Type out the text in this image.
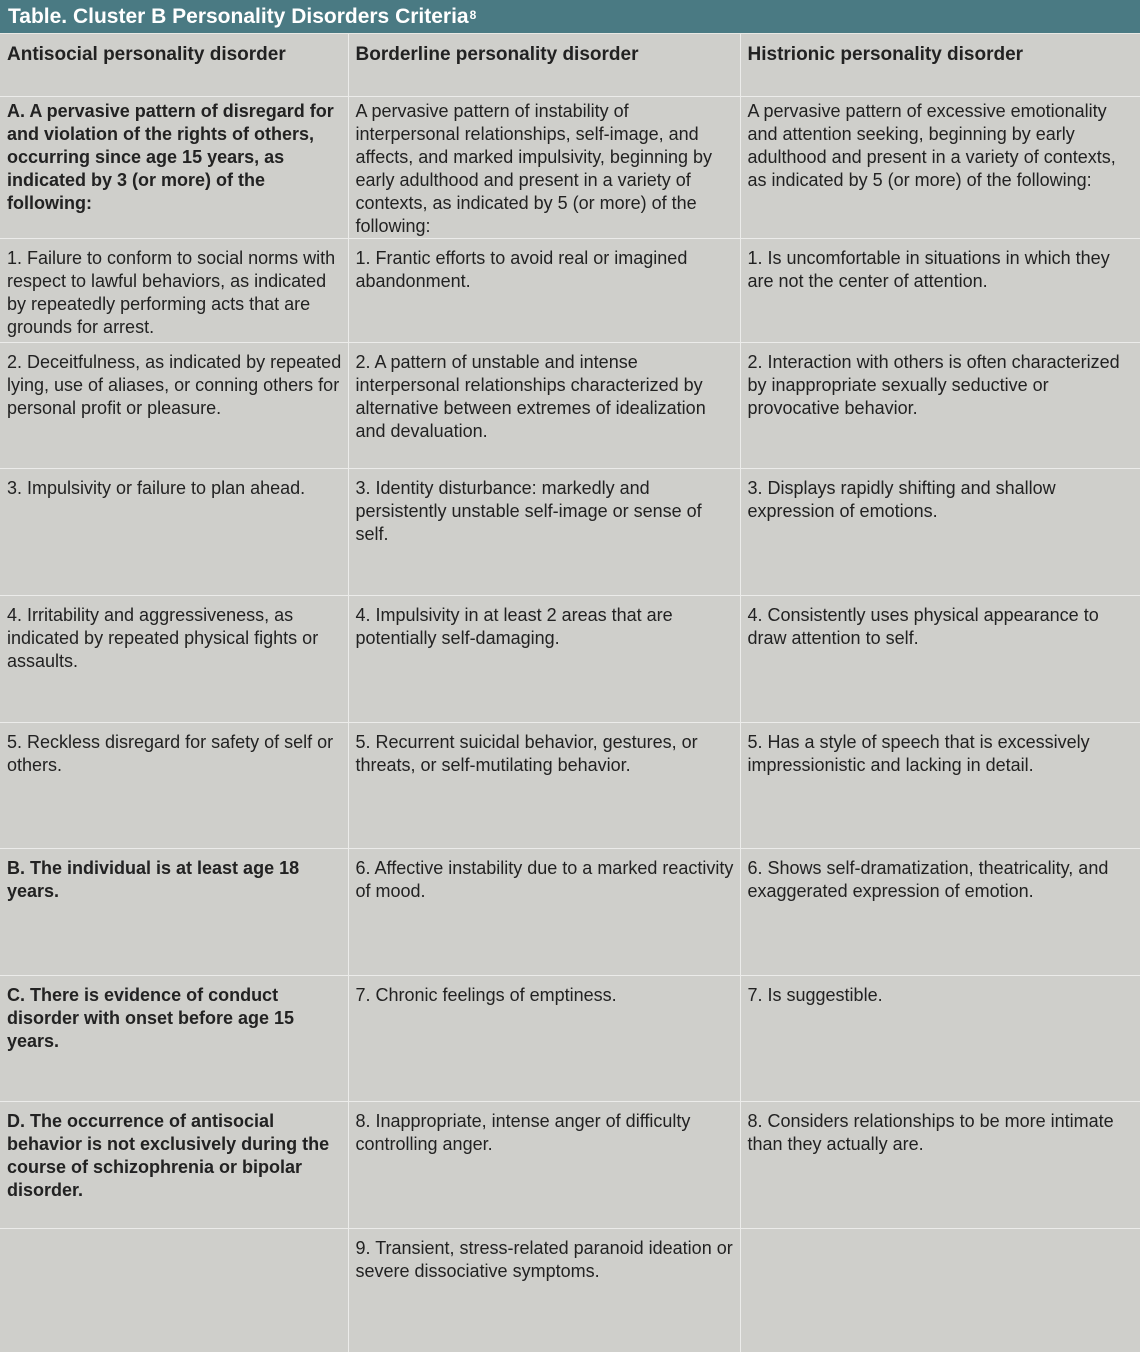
Table. Cluster B Personality Disorders Criteria$^8$
Antisocial personality disorder	Borderline personality disorder	Histrionic personality disorder
A. A pervasive pattern of disregard for and violation of the rights of others, occurring since age 15 years, as indicated by 3 (or more) of the following:	A pervasive pattern of instability of interpersonal relationships, self-image, and affects, and marked impulsivity, beginning by early adulthood and present in a variety of contexts, as indicated by 5 (or more) of the following:	A pervasive pattern of excessive emotionality and attention seeking, beginning by early adulthood and present in a variety of contexts, as indicated by 5 (or more) of the following:
1. Failure to conform to social norms with respect to lawful behaviors, as indicated by repeatedly performing acts that are grounds for arrest.	1. Frantic efforts to avoid real or imagined abandonment.	1. Is uncomfortable in situations in which they are not the center of attention.
2. Deceitfulness, as indicated by repeated lying, use of aliases, or conning others for personal profit or pleasure.	2. A pattern of unstable and intense interpersonal relationships characterized by alternative between extremes of idealization and devaluation.	2. Interaction with others is often characterized by inappropriate sexually seductive or provocative behavior.
3. Impulsivity or failure to plan ahead.	3. Identity disturbance: markedly and persistently unstable self-image or sense of self.	3. Displays rapidly shifting and shallow expression of emotions.
4. Irritability and aggressiveness, as indicated by repeated physical fights or assaults.	4. Impulsivity in at least 2 areas that are potentially self-damaging.	4. Consistently uses physical appearance to draw attention to self.
5. Reckless disregard for safety of self or others.	5. Recurrent suicidal behavior, gestures, or threats, or self-mutilating behavior.	5. Has a style of speech that is excessively impressionistic and lacking in detail.
B. The individual is at least age 18 years.	6. Affective instability due to a marked reactivity of mood.	6. Shows self-dramatization, theatricality, and exaggerated expression of emotion.
C. There is evidence of conduct disorder with onset before age 15 years.	7. Chronic feelings of emptiness.	7. Is suggestible.
D. The occurrence of antisocial behavior is not exclusively during the course of schizophrenia or bipolar disorder.	8. Inappropriate, intense anger of difficulty controlling anger.	8. Considers relationships to be more intimate than they actually are.
	9. Transient, stress-related paranoid ideation or severe dissociative symptoms.	
